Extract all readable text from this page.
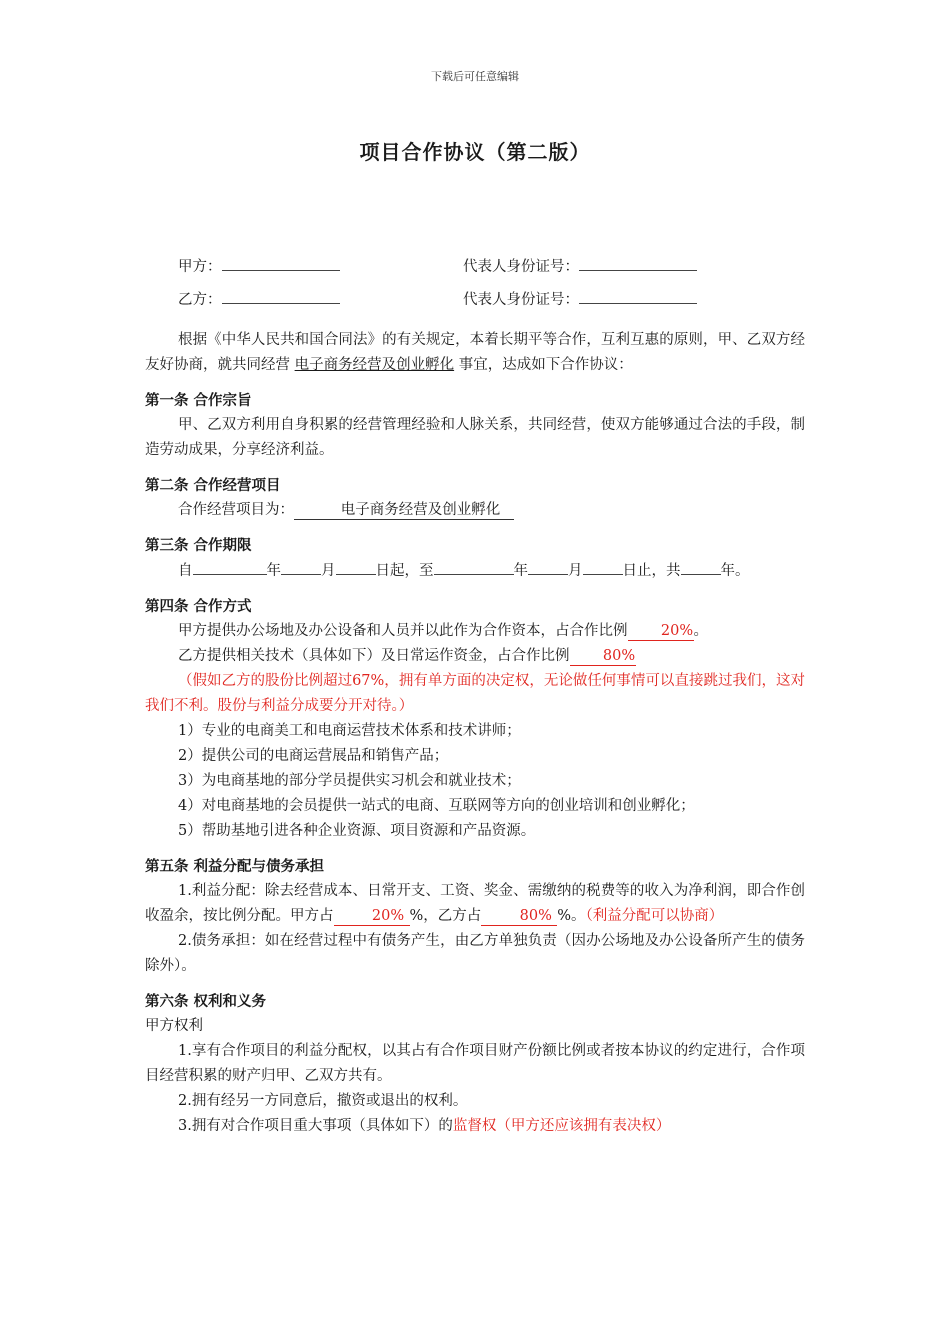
下载后可任意编辑
项目合作协议（第二版）
甲方：	代表人身份证号：
乙方：	代表人身份证号：

根据《中华人民共和国合同法》的有关规定，本着长期平等合作，互利互惠的原则，甲、乙双方经友好协商，就共同经营 电子商务经营及创业孵化 事宜，达成如下合作协议：

第一条 合作宗旨

甲、乙双方利用自身积累的经营管理经验和人脉关系，共同经营，使双方能够通过合法的手段，制造劳动成果，分享经济利益。

第二条 合作经营项目

合作经营项目为：	电子商务经营及创业孵化

第三条 合作期限

自	年	月	日起，至	年	月	日止，共	年。

第四条 合作方式

甲方提供办公场地及办公设备和人员并以此作为合作资本，占合作比例 20%。

乙方提供相关技术（具体如下）及日常运作资金，占合作比例 80%

（假如乙方的股份比例超过67%，拥有单方面的决定权，无论做任何事情可以直接跳过我们，这对我们不利。股份与利益分成要分开对待。）

1）专业的电商美工和电商运营技术体系和技术讲师；

2）提供公司的电商运营展品和销售产品；

3）为电商基地的部分学员提供实习机会和就业技术；

4）对电商基地的会员提供一站式的电商、互联网等方向的创业培训和创业孵化；

5）帮助基地引进各种企业资源、项目资源和产品资源。

第五条 利益分配与债务承担

1.利益分配：除去经营成本、日常开支、工资、奖金、需缴纳的税费等的收入为净利润，即合作创收盈余，按比例分配。甲方占	20% %，乙方占	80% %。（利益分配可以协商）

2.债务承担：如在经营过程中有债务产生，由乙方单独负责（因办公场地及办公设备所产生的债务除外）。

第六条 权利和义务

甲方权利

1.享有合作项目的利益分配权，以其占有合作项目财产份额比例或者按本协议的约定进行，合作项目经营积累的财产归甲、乙双方共有。

2.拥有经另一方同意后，撤资或退出的权利。

3.拥有对合作项目重大事项（具体如下）的监督权（甲方还应该拥有表决权）
